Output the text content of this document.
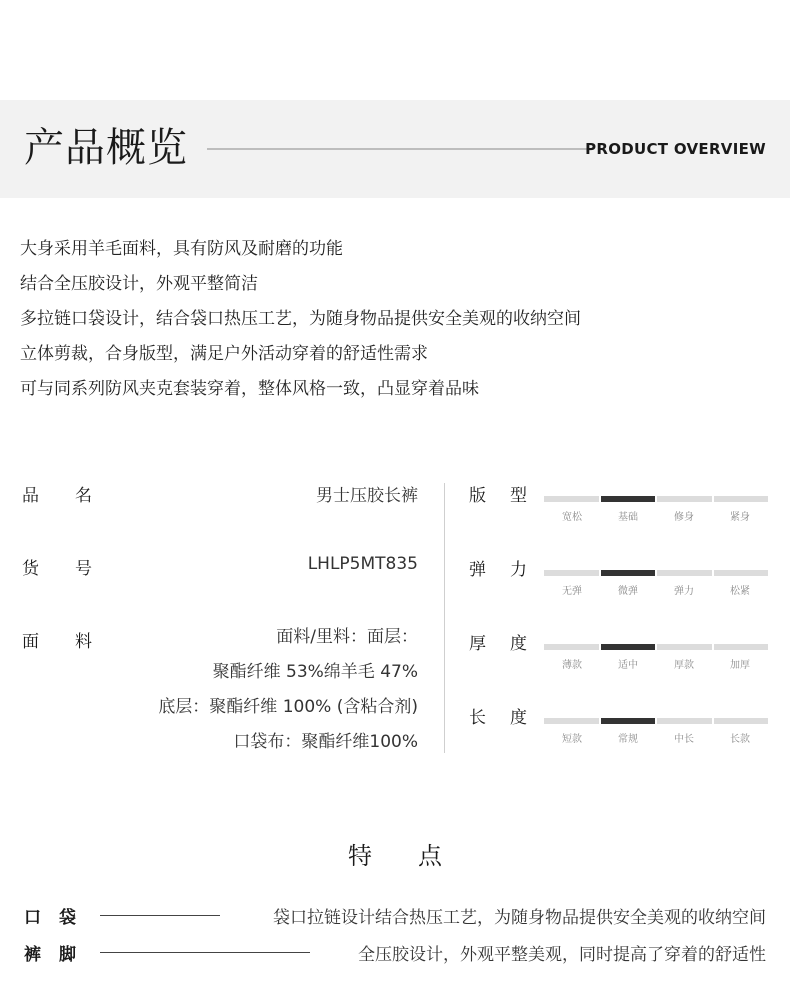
产品概览	PRODUCT OVERVIEW
大身采用羊毛面料，具有防风及耐磨的功能
结合全压胶设计，外观平整简洁
多拉链口袋设计，结合袋口热压工艺，为随身物品提供安全美观的收纳空间
立体剪裁，合身版型，满足户外活动穿着的舒适性需求
可与同系列防风夹克套装穿着，整体风格一致，凸显穿着品味
品 名	男士压胶长裤
货 号	LHLP5MT835
面 料	面料/里料：面层：
聚酯纤维 53%绵羊毛 47%
底层：聚酯纤维 100% (含粘合剂)
口袋布：聚酯纤维100%
版 型
宽松	基础	修身	紧身
弹 力
无弹	微弹	弹力	松紧
厚 度
薄款	适中	厚款	加厚
长 度
短款	常规	中长	长款
特 点
口 袋	袋口拉链设计结合热压工艺，为随身物品提供安全美观的收纳空间
裤 脚	全压胶设计，外观平整美观，同时提高了穿着的舒适性
